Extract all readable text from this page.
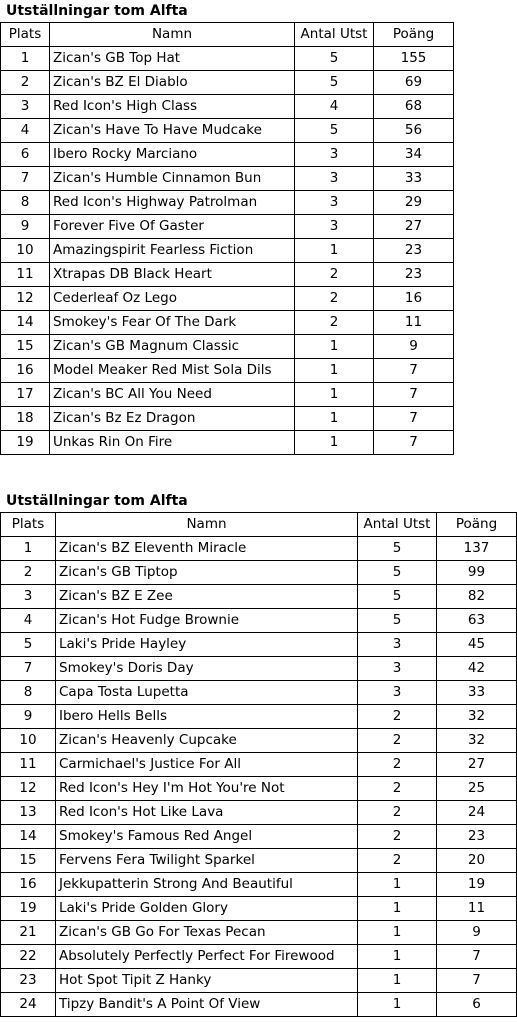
Utställningar tom Alfta
Plats	Namn	Antal Utst	Poäng
1	Zican's GB Top Hat	5	155
2	Zican's BZ El Diablo	5	69
3	Red Icon's High Class	4	68
4	Zican's Have To Have Mudcake	5	56
6	Ibero Rocky Marciano	3	34
7	Zican's Humble Cinnamon Bun	3	33
8	Red Icon's Highway Patrolman	3	29
9	Forever Five Of Gaster	3	27
10	Amazingspirit Fearless Fiction	1	23
11	Xtrapas DB Black Heart	2	23
12	Cederleaf Oz Lego	2	16
14	Smokey's Fear Of The Dark	2	11
15	Zican's GB Magnum Classic	1	9
16	Model Meaker Red Mist Sola Dils	1	7
17	Zican's BC All You Need	1	7
18	Zican's Bz Ez Dragon	1	7
19	Unkas Rin On Fire	1	7
Utställningar tom Alfta
Plats	Namn	Antal Utst	Poäng
1	Zican's BZ Eleventh Miracle	5	137
2	Zican's GB Tiptop	5	99
3	Zican's BZ E Zee	5	82
4	Zican's Hot Fudge Brownie	5	63
5	Laki's Pride Hayley	3	45
7	Smokey's Doris Day	3	42
8	Capa Tosta Lupetta	3	33
9	Ibero Hells Bells	2	32
10	Zican's Heavenly Cupcake	2	32
11	Carmichael's Justice For All	2	27
12	Red Icon's Hey I'm Hot You're Not	2	25
13	Red Icon's Hot Like Lava	2	24
14	Smokey's Famous Red Angel	2	23
15	Fervens Fera Twilight Sparkel	2	20
16	Jekkupatterin Strong And Beautiful	1	19
19	Laki's Pride Golden Glory	1	11
21	Zican's GB Go For Texas Pecan	1	9
22	Absolutely Perfectly Perfect For Firewood	1	7
23	Hot Spot Tipit Z Hanky	1	7
24	Tipzy Bandit's A Point Of View	1	6
